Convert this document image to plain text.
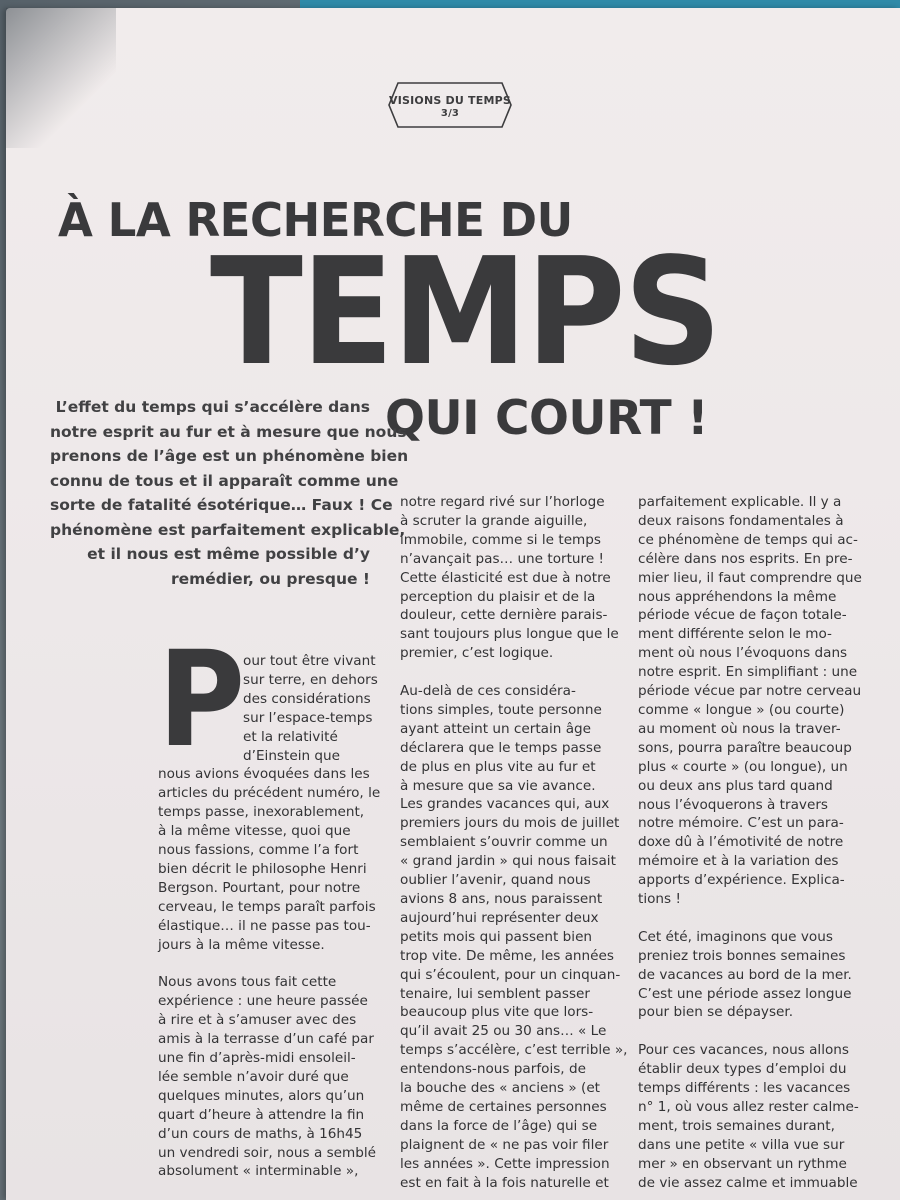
VISIONS DU TEMPS
3/3
À LA RECHERCHE DU
TEMPS
QUI COURT !
L’effet du temps qui s’accélère dans
notre esprit au fur et à mesure que nous
prenons de l’âge est un phénomène bien
connu de tous et il apparaît comme une
sorte de fatalité ésotérique… Faux ! Ce
phénomène est parfaitement explicable,
et il nous est même possible d’y
remédier, ou presque !
P
our tout être vivant
sur terre, en dehors
des considérations
sur l’espace-temps
et la relativité
d’Einstein que
nous avions évoquées dans les
articles du précédent numéro, le
temps passe, inexorablement,
à la même vitesse, quoi que
nous fassions, comme l’a fort
bien décrit le philosophe Henri
Bergson. Pourtant, pour notre
cerveau, le temps paraît parfois
élastique… il ne passe pas tou-
jours à la même vitesse.
Nous avons tous fait cette
expérience : une heure passée
à rire et à s’amuser avec des
amis à la terrasse d’un café par
une fin d’après-midi ensoleil-
lée semble n’avoir duré que
quelques minutes, alors qu’un
quart d’heure à attendre la fin
d’un cours de maths, à 16h45
un vendredi soir, nous a semblé
absolument « interminable »,
notre regard rivé sur l’horloge
à scruter la grande aiguille,
immobile, comme si le temps
n’avançait pas… une torture !
Cette élasticité est due à notre
perception du plaisir et de la
douleur, cette dernière parais-
sant toujours plus longue que le
premier, c’est logique.
Au-delà de ces considéra-
tions simples, toute personne
ayant atteint un certain âge
déclarera que le temps passe
de plus en plus vite au fur et
à mesure que sa vie avance.
Les grandes vacances qui, aux
premiers jours du mois de juillet
semblaient s’ouvrir comme un
« grand jardin » qui nous faisait
oublier l’avenir, quand nous
avions 8 ans, nous paraissent
aujourd’hui représenter deux
petits mois qui passent bien
trop vite. De même, les années
qui s’écoulent, pour un cinquan-
tenaire, lui semblent passer
beaucoup plus vite que lors-
qu’il avait 25 ou 30 ans… « Le
temps s’accélère, c’est terrible »,
entendons-nous parfois, de
la bouche des « anciens » (et
même de certaines personnes
dans la force de l’âge) qui se
plaignent de « ne pas voir filer
les années ». Cette impression
est en fait à la fois naturelle et
parfaitement explicable. Il y a
deux raisons fondamentales à
ce phénomène de temps qui ac-
célère dans nos esprits. En pre-
mier lieu, il faut comprendre que
nous appréhendons la même
période vécue de façon totale-
ment différente selon le mo-
ment où nous l’évoquons dans
notre esprit. En simplifiant : une
période vécue par notre cerveau
comme « longue » (ou courte)
au moment où nous la traver-
sons, pourra paraître beaucoup
plus « courte » (ou longue), un
ou deux ans plus tard quand
nous l’évoquerons à travers
notre mémoire. C’est un para-
doxe dû à l’émotivité de notre
mémoire et à la variation des
apports d’expérience. Explica-
tions !
Cet été, imaginons que vous
preniez trois bonnes semaines
de vacances au bord de la mer.
C’est une période assez longue
pour bien se dépayser.
Pour ces vacances, nous allons
établir deux types d’emploi du
temps différents : les vacances
n° 1, où vous allez rester calme-
ment, trois semaines durant,
dans une petite « villa vue sur
mer » en observant un rythme
de vie assez calme et immuable
